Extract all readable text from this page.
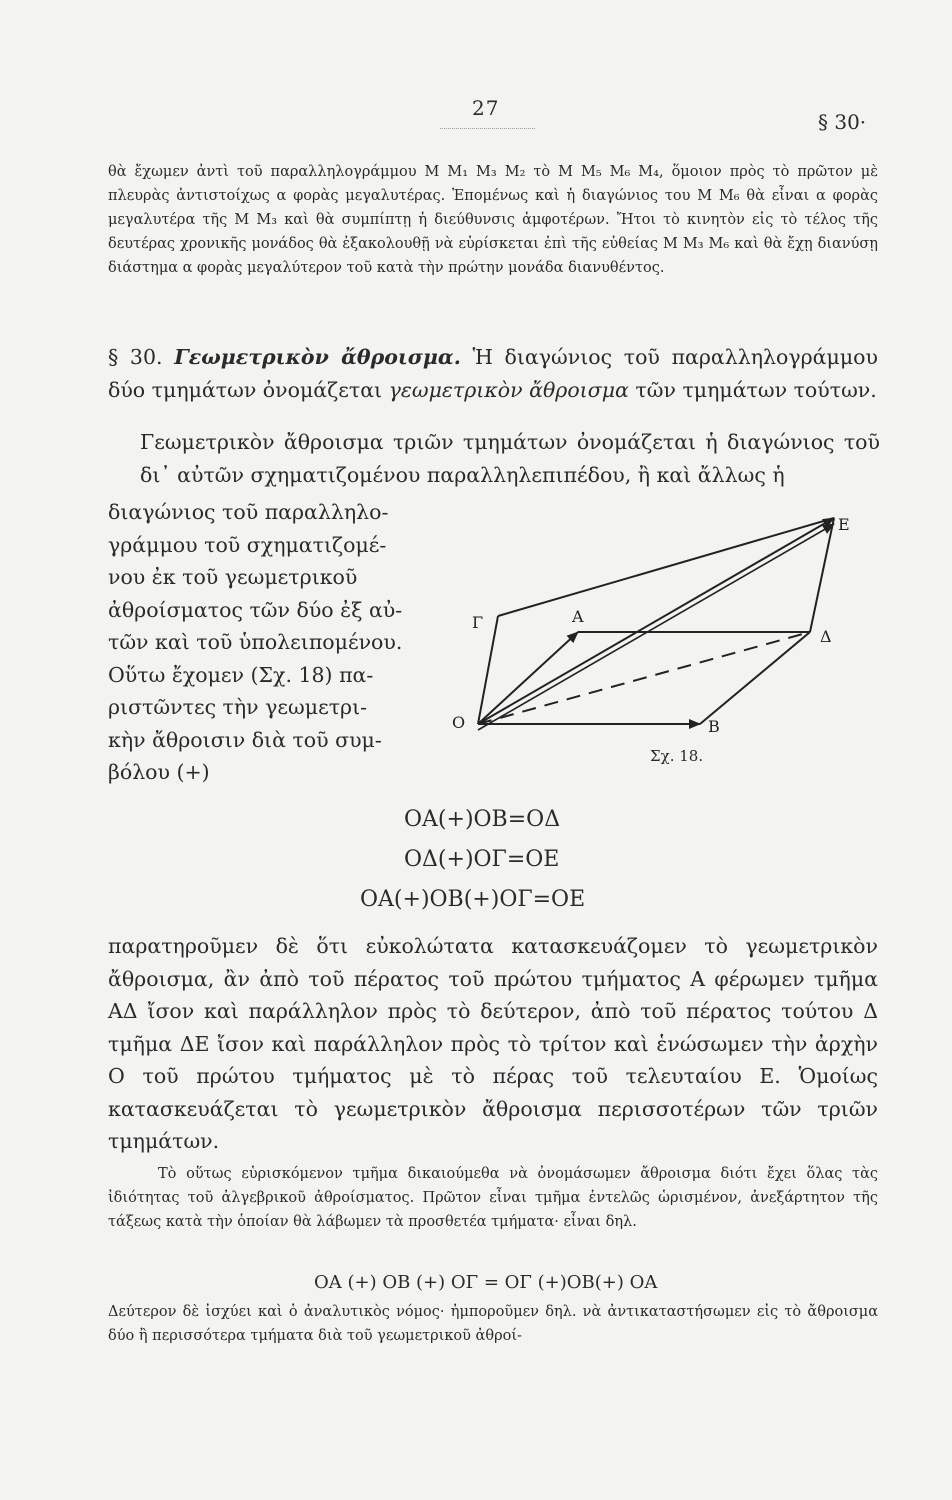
27
§ 30·
θὰ ἔχωμεν ἀντὶ τοῦ παραλληλογράμμου Μ Μ₁ Μ₃ Μ₂ τὸ Μ Μ₅ Μ₆ Μ₄, ὅμοιον πρὸς τὸ πρῶτον μὲ πλευρὰς ἀντιστοίχως α φορὰς μεγαλυτέρας. Ἑπομένως καὶ ἡ διαγώνιος του Μ Μ₆ θὰ εἶναι α φορὰς μεγαλυτέρα τῆς Μ Μ₃ καὶ θὰ συμπίπτῃ ἡ διεύθυνσις ἀμφοτέρων. Ἤτοι τὸ κινητὸν εἰς τὸ τέλος τῆς δευτέρας χρονικῆς μονάδος θὰ ἐξακολουθῇ νὰ εὑρίσκεται ἐπὶ τῆς εὐθείας Μ Μ₃ Μ₆ καὶ θὰ ἔχῃ διανύσῃ διάστημα α φορὰς μεγαλύτερον τοῦ κατὰ τὴν πρώτην μονάδα διανυθέντος.
§ 30. Γεωμετρικὸν ἄθροισμα. Ἡ διαγώνιος τοῦ παραλληλογράμμου δύο τμημάτων ὀνομάζεται γεωμετρικὸν ἄθροισμα τῶν τμημάτων τούτων.
Γεωμετρικὸν ἄθροισμα τριῶν τμημάτων ὀνομάζεται ἡ διαγώνιος τοῦ δι᾽ αὐτῶν σχηματιζομένου παραλληλεπιπέδου, ἢ καὶ ἄλλως ἡ
διαγώνιος τοῦ παραλληλο-
γράμμου τοῦ σχηματιζομέ-
νου ἐκ τοῦ γεωμετρικοῦ
ἀθροίσματος τῶν δύο ἐξ αὐ-
τῶν καὶ τοῦ ὑπολειπομένου.
Οὕτω ἔχομεν (Σχ. 18) πα-
ριστῶντες τὴν γεωμετρι-
κὴν ἄθροισιν διὰ τοῦ συμ-
βόλου (+)
O
A
B
Γ
Δ
E
Σχ. 18.
ΟΑ(+)ΟΒ=ΟΔ
ΟΔ(+)ΟΓ=ΟΕ
ΟΑ(+)ΟΒ(+)ΟΓ=ΟΕ
παρατηροῦμεν δὲ ὅτι εὐκολώτατα κατασκευάζομεν τὸ γεωμετρικὸν ἄθροισμα, ἂν ἀπὸ τοῦ πέρατος τοῦ πρώτου τμήματος Α φέρωμεν τμῆμα ΑΔ ἴσον καὶ παράλληλον πρὸς τὸ δεύτερον, ἀπὸ τοῦ πέρατος τούτου Δ τμῆμα ΔΕ ἴσον καὶ παράλληλον πρὸς τὸ τρίτον καὶ ἑνώσωμεν τὴν ἀρχὴν Ο τοῦ πρώτου τμήματος μὲ τὸ πέρας τοῦ τελευταίου Ε. Ὁμοίως κατασκευάζεται τὸ γεωμετρικὸν ἄθροισμα περισσοτέρων τῶν τριῶν τμημάτων.
Τὸ οὕτως εὑρισκόμενον τμῆμα δικαιούμεθα νὰ ὀνομάσωμεν ἄθροισμα διότι ἔχει ὅλας τὰς ἰδιότητας τοῦ ἀλγεβρικοῦ ἀθροίσματος. Πρῶτον εἶναι τμῆμα ἐντελῶς ὡρισμένον, ἀνεξάρτητον τῆς τάξεως κατὰ τὴν ὁποίαν θὰ λάβωμεν τὰ προσθετέα τμήματα· εἶναι δηλ.
ΟΑ (+) ΟΒ (+) ΟΓ = ΟΓ (+)ΟΒ(+) ΟΑ
Δεύτερον δὲ ἰσχύει καὶ ὁ ἀναλυτικὸς νόμος· ἠμποροῦμεν δηλ. νὰ ἀντικαταστήσωμεν εἰς τὸ ἄθροισμα δύο ἢ περισσότερα τμήματα διὰ τοῦ γεωμετρικοῦ ἀθροί-
